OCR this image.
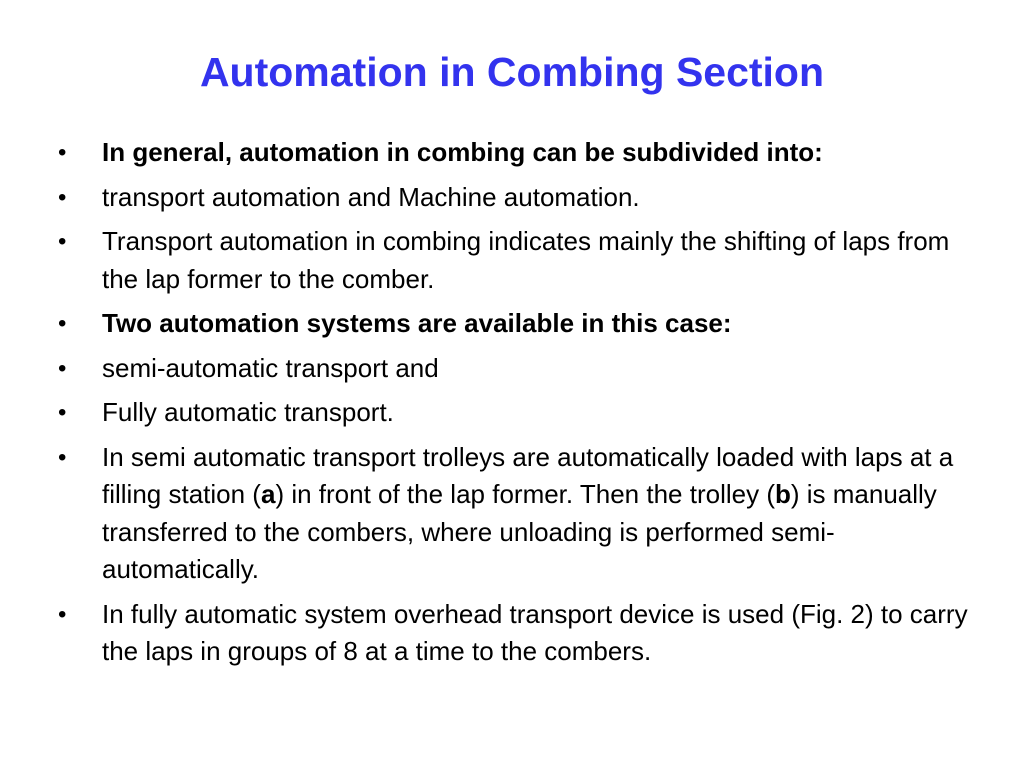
Automation in Combing Section
•	In general, automation in combing can be subdivided into:
•	transport automation and Machine automation.
•	Transport automation in combing indicates mainly the shifting of laps from the lap former to the comber.
•	Two automation systems are available in this case:
•	semi-automatic transport and
•	Fully automatic transport.
•	In semi automatic transport trolleys are automatically loaded with laps at a filling station (a) in front of the lap former. Then the trolley (b) is manually transferred to the combers, where unloading is performed semi-automatically.
•	In fully automatic system overhead transport device is used (Fig. 2) to carry the laps in groups of 8 at a time to the combers.
